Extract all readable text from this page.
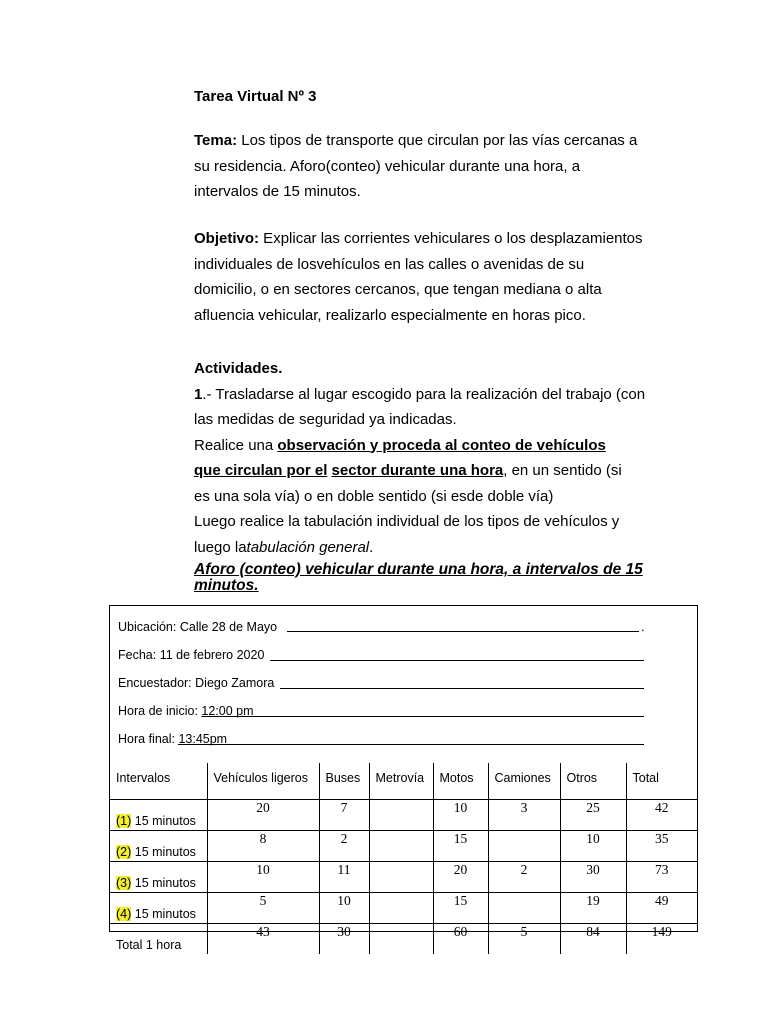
Tarea Virtual Nº 3
Tema: Los tipos de transporte que circulan por las vías cercanas a su residencia. Aforo(conteo) vehicular durante una hora, a intervalos de 15 minutos.
Objetivo: Explicar las corrientes vehiculares o los desplazamientos individuales de losvehículos en las calles o avenidas de su domicilio, o en sectores cercanos, que tengan mediana o alta afluencia vehicular, realizarlo especialmente en horas pico.
Actividades.
1.- Trasladarse al lugar escogido para la realización del trabajo (con las medidas de seguridad ya indicadas.
Realice una observación y proceda al conteo de vehículos que circulan por el sector durante una hora, en un sentido (si es una sola vía) o en doble sentido (si esde doble vía)
Luego realice la tabulación individual de los tipos de vehículos y luego latabulación general.
Aforo (conteo) vehicular durante una hora, a intervalos de 15 minutos.
Ubicación: Calle 28 de Mayo	.
Fecha: 11 de febrero 2020
Encuestador: Diego Zamora
Hora de inicio: 12:00 pm
Hora final: 13:45pm
Intervalos	Vehículos ligeros	Buses	Metrovía	Motos	Camiones	Otros	Total
(1) 15 minutos	20	7		10	3	25	42
(2) 15 minutos	8	2		15		10	35
(3) 15 minutos	10	11		20	2	30	73
(4) 15 minutos	5	10		15		19	49
Total 1 hora	43	30		60	5	84	149
